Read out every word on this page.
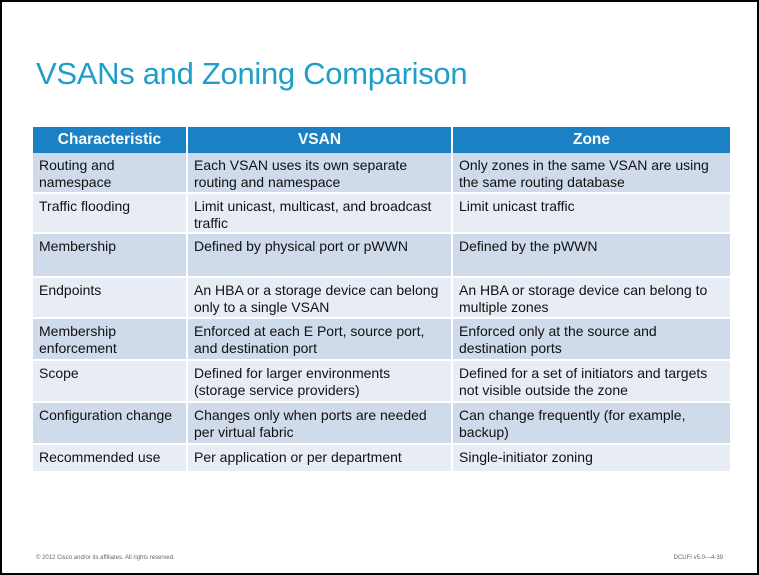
VSANs and Zoning Comparison
Characteristic	VSAN	Zone
Routing and namespace	Each VSAN uses its own separate routing and namespace	Only zones in the same VSAN are using the same routing database
Traffic flooding	Limit unicast, multicast, and broadcast traffic	Limit unicast traffic
Membership	Defined by physical port or pWWN	Defined by the pWWN
Endpoints	An HBA or a storage device can belong only to a single VSAN	An HBA or storage device can belong to multiple zones
Membership enforcement	Enforced at each E Port, source port, and destination port	Enforced only at the source and destination ports
Scope	Defined for larger environments (storage service providers)	Defined for a set of initiators and targets not visible outside the zone
Configuration change	Changes only when ports are needed per virtual fabric	Can change frequently (for example, backup)
Recommended use	Per application or per department	Single-initiator zoning
© 2012 Cisco and/or its affiliates. All rights reserved.	DCUFI v5.0—4-39
